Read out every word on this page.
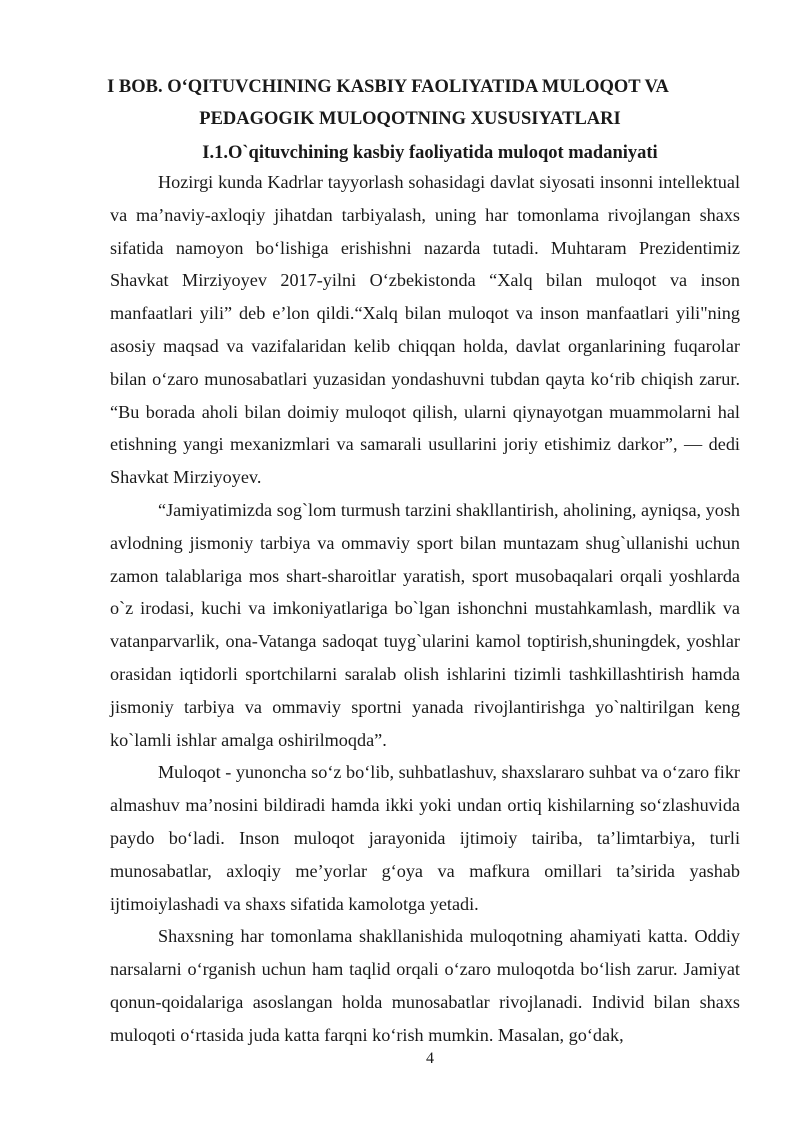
I BOB. O‘QITUVCHINING KASBIY FAOLIYATIDA MULOQOT VA
PEDAGOGIK MULOQOTNING XUSUSIYATLARI
I.1.O`qituvchining kasbiy faoliyatida muloqot madaniyati

Hozirgi kunda Kadrlar tayyorlash sohasidagi davlat siyosati insonni intellektual va ma’naviy-axloqiy jihatdan tarbiyalash, uning har tomonlama rivojlangan shaxs sifatida namoyon bo‘lishiga erishishni nazarda tutadi. Muhtaram Prezidentimiz Shavkat Mirziyoyev 2017-yilni O‘zbekistonda “Xalq bilan muloqot va inson manfaatlari yili” deb e’lon qildi.“Xalq bilan muloqot va inson manfaatlari yili"ning asosiy maqsad va vazifalaridan kelib chiqqan holda, davlat organlarining fuqarolar bilan o‘zaro munosabatlari yuzasidan yondashuvni tubdan qayta ko‘rib chiqish zarur. “Bu borada aholi bilan doimiy muloqot qilish, ularni qiynayotgan muammolarni hal etishning yangi mexanizmlari va samarali usullarini joriy etishimiz darkor”, — dedi Shavkat Mirziyoyev.

“Jamiyatimizda sog`lom turmush tarzini shakllantirish, aholining, ayniqsa, yosh avlodning jismoniy tarbiya va ommaviy sport bilan muntazam shug`ullanishi uchun zamon talablariga mos shart-sharoitlar yaratish, sport musobaqalari orqali yoshlarda o`z irodasi, kuchi va imkoniyatlariga bo`lgan ishonchni mustahkamlash, mardlik va vatanparvarlik, ona-Vatanga sadoqat tuyg`ularini kamol toptirish,shuningdek, yoshlar orasidan iqtidorli sportchilarni saralab olish ishlarini tizimli tashkillashtirish hamda jismoniy tarbiya va ommaviy sportni yanada rivojlantirishga yo`naltirilgan keng ko`lamli ishlar amalga oshirilmoqda”.

Muloqot - yunoncha so‘z bo‘lib, suhbatlashuv, shaxslararo suhbat va o‘zaro fikr almashuv ma’nosini bildiradi hamda ikki yoki undan ortiq kishilarning so‘zlashuvida paydo bo‘ladi. Inson muloqot jarayonida ijtimoiy tairiba, ta’limtarbiya, turli munosabatlar, axloqiy me’yorlar g‘oya va mafkura omillari ta’sirida yashab ijtimoiylashadi va shaxs sifatida kamolotga yetadi.

Shaxsning har tomonlama shakllanishida muloqotning ahamiyati katta. Oddiy narsalarni o‘rganish uchun ham taqlid orqali o‘zaro muloqotda bo‘lish zarur. Jamiyat qonun-qoidalariga asoslangan holda munosabatlar rivojlanadi. Individ bilan shaxs muloqoti o‘rtasida juda katta farqni ko‘rish mumkin. Masalan, go‘dak,

4
